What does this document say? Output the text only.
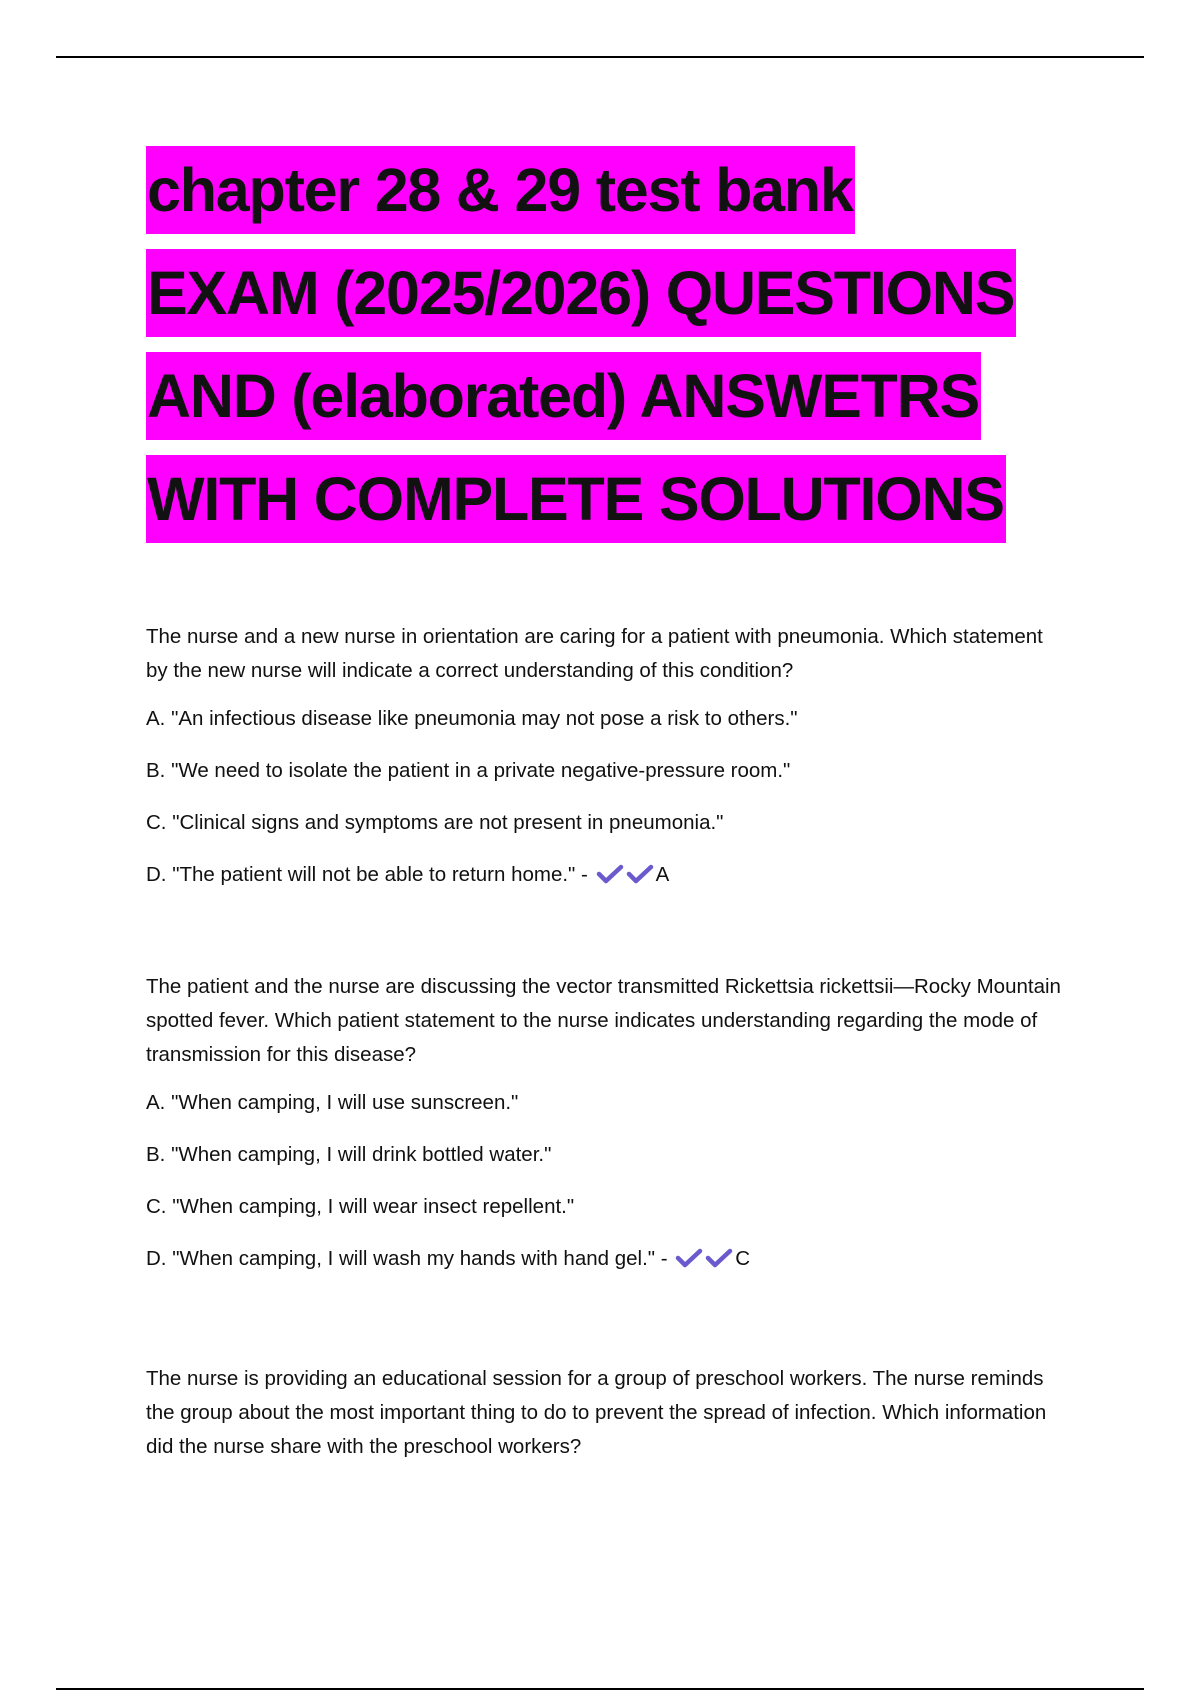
chapter 28 & 29 test bank
EXAM (2025/2026) QUESTIONS
AND (elaborated) ANSWETRS
WITH COMPLETE SOLUTIONS

The nurse and a new nurse in orientation are caring for a patient with pneumonia. Which statement by the new nurse will indicate a correct understanding of this condition?

A. "An infectious disease like pneumonia may not pose a risk to others."
B. "We need to isolate the patient in a private negative-pressure room."
C. "Clinical signs and symptoms are not present in pneumonia."
D. "The patient will not be able to return home." -	A

The patient and the nurse are discussing the vector transmitted Rickettsia rickettsii—Rocky Mountain spotted fever. Which patient statement to the nurse indicates understanding regarding the mode of transmission for this disease?

A. "When camping, I will use sunscreen."
B. "When camping, I will drink bottled water."
C. "When camping, I will wear insect repellent."
D. "When camping, I will wash my hands with hand gel." -	C

The nurse is providing an educational session for a group of preschool workers. The nurse reminds the group about the most important thing to do to prevent the spread of infection. Which information did the nurse share with the preschool workers?
